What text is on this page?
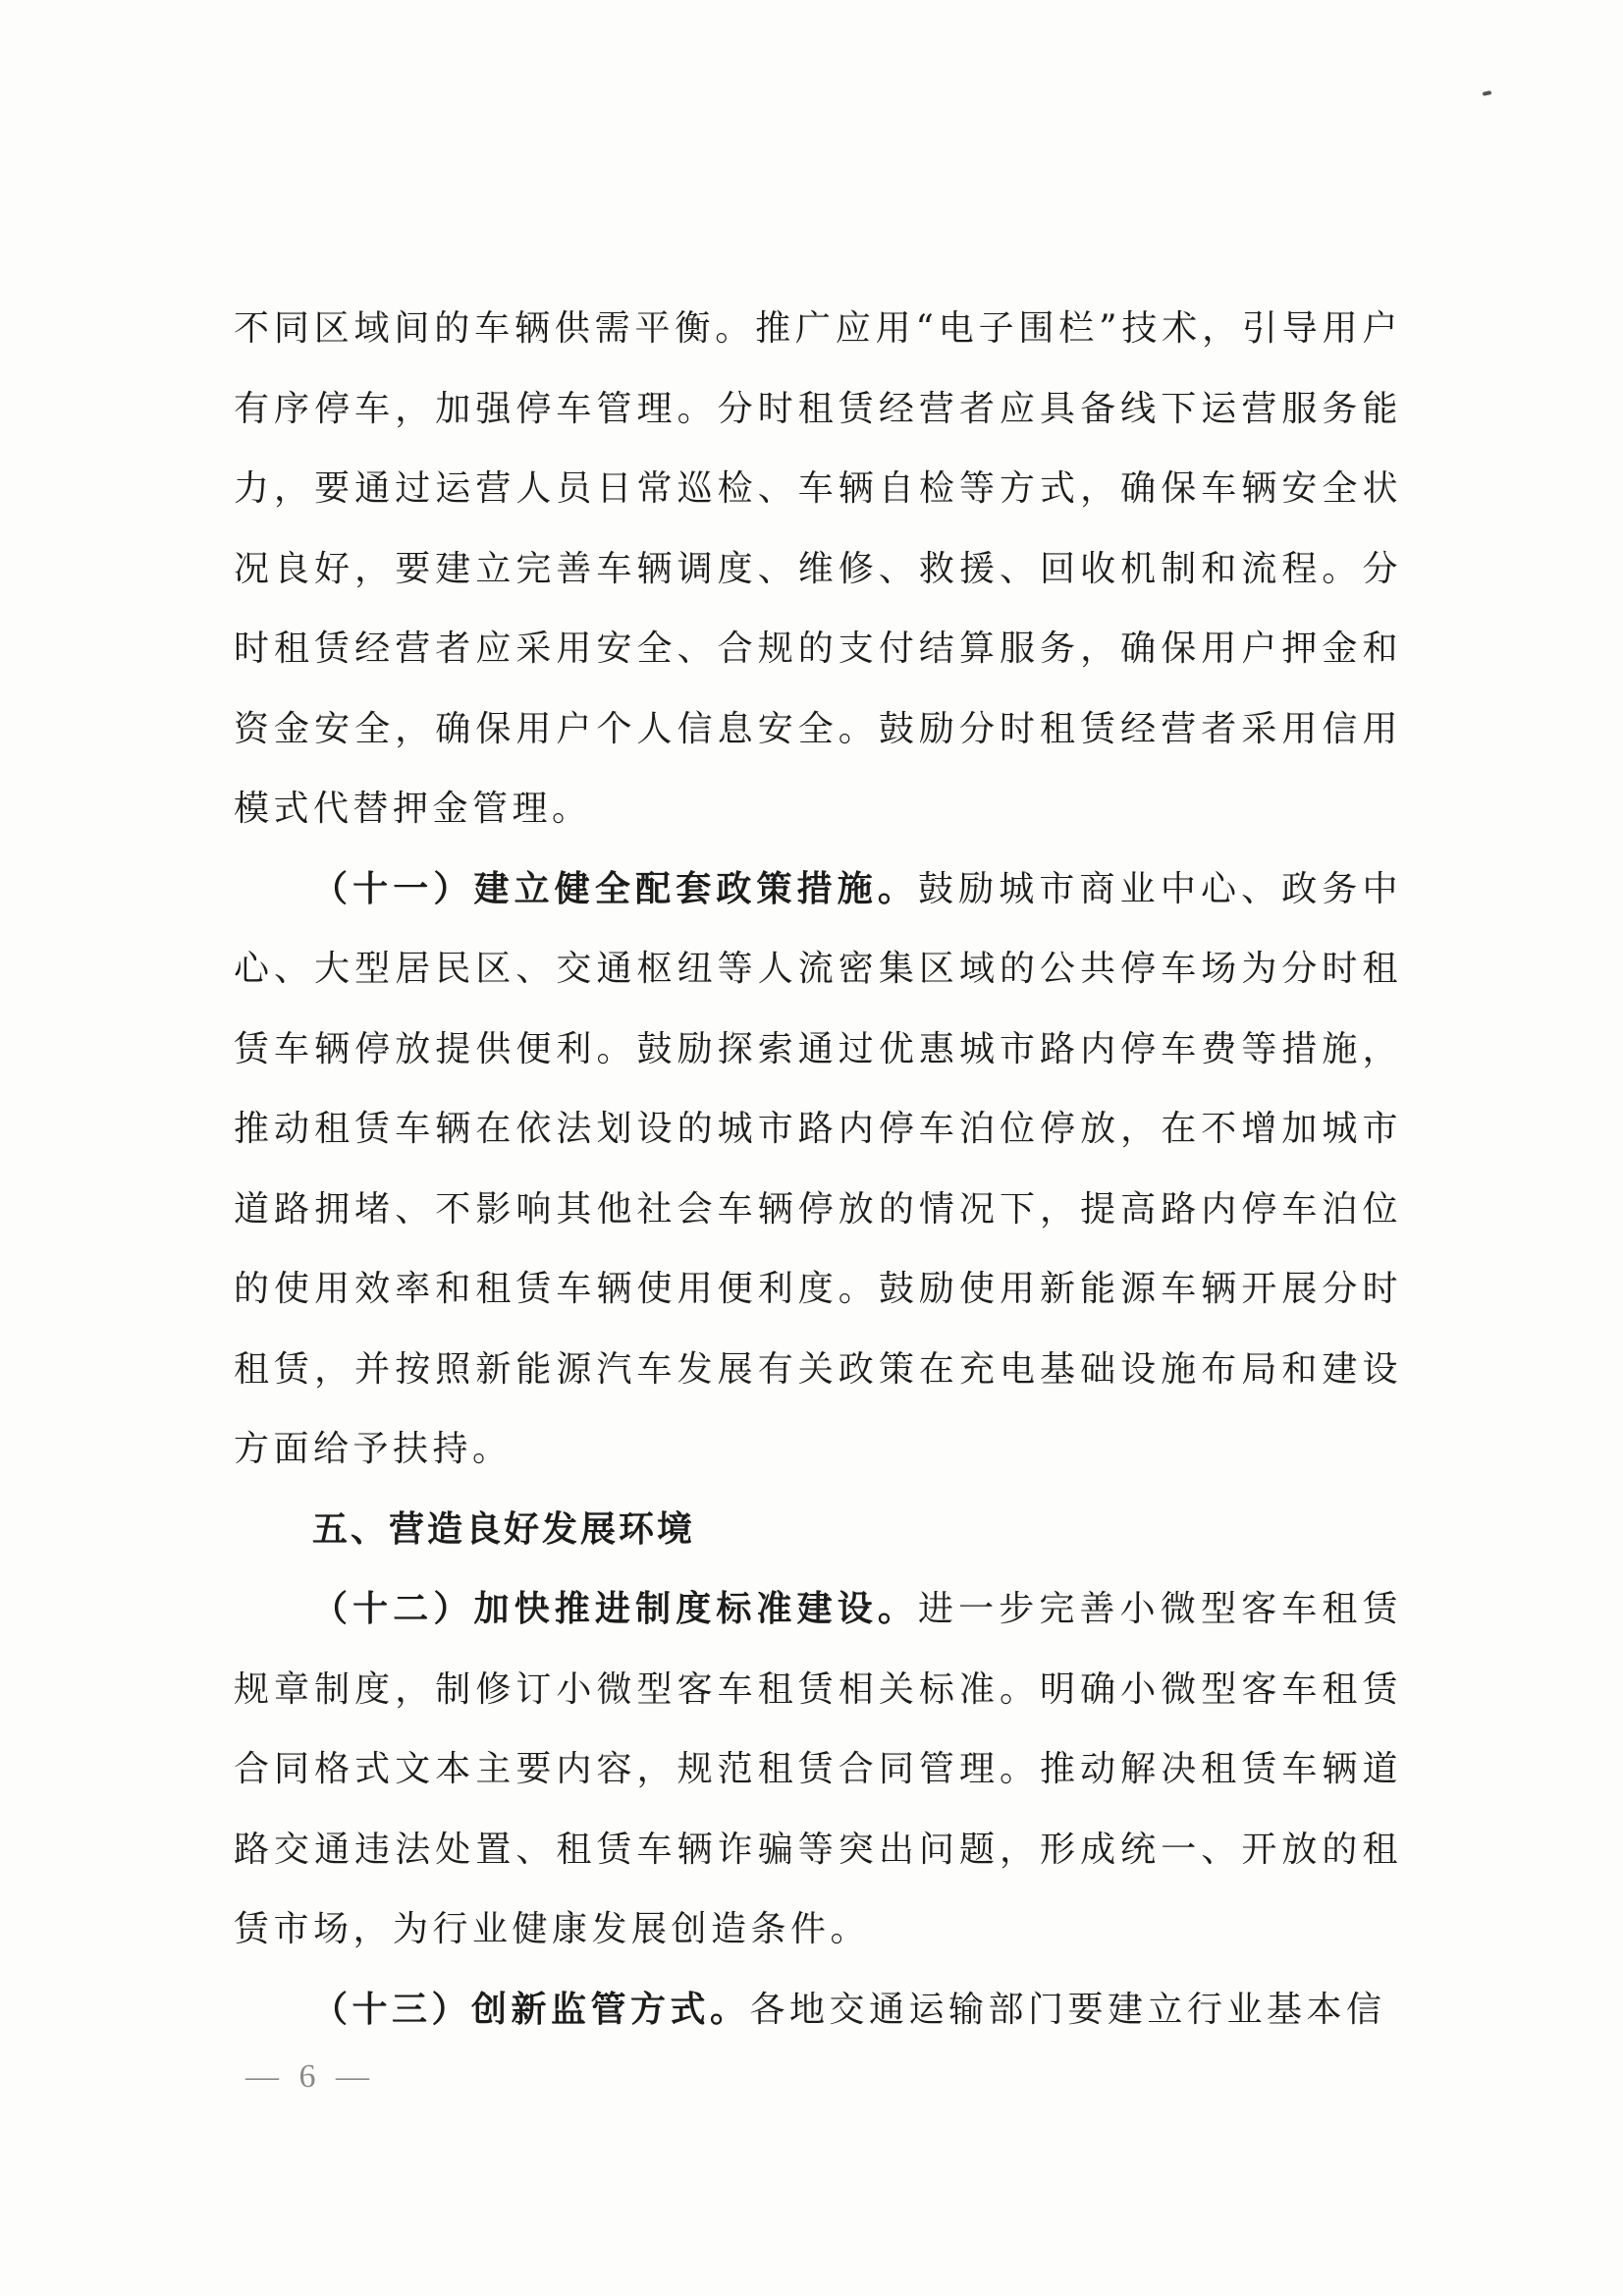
不同区域间的车辆供需平衡。推广应用“电子围栏”技术，引导用户有序停车，加强停车管理。分时租赁经营者应具备线下运营服务能力，要通过运营人员日常巡检、车辆自检等方式，确保车辆安全状况良好，要建立完善车辆调度、维修、救援、回收机制和流程。分时租赁经营者应采用安全、合规的支付结算服务，确保用户押金和资金安全，确保用户个人信息安全。鼓励分时租赁经营者采用信用模式代替押金管理。

（十一）建立健全配套政策措施。鼓励城市商业中心、政务中心、大型居民区、交通枢纽等人流密集区域的公共停车场为分时租赁车辆停放提供便利。鼓励探索通过优惠城市路内停车费等措施，推动租赁车辆在依法划设的城市路内停车泊位停放，在不增加城市道路拥堵、不影响其他社会车辆停放的情况下，提高路内停车泊位的使用效率和租赁车辆使用便利度。鼓励使用新能源车辆开展分时租赁，并按照新能源汽车发展有关政策在充电基础设施布局和建设方面给予扶持。

五、营造良好发展环境

（十二）加快推进制度标准建设。进一步完善小微型客车租赁规章制度，制修订小微型客车租赁相关标准。明确小微型客车租赁合同格式文本主要内容，规范租赁合同管理。推动解决租赁车辆道路交通违法处置、租赁车辆诈骗等突出问题，形成统一、开放的租赁市场，为行业健康发展创造条件。

（十三）创新监管方式。各地交通运输部门要建立行业基本信

— 6 —
